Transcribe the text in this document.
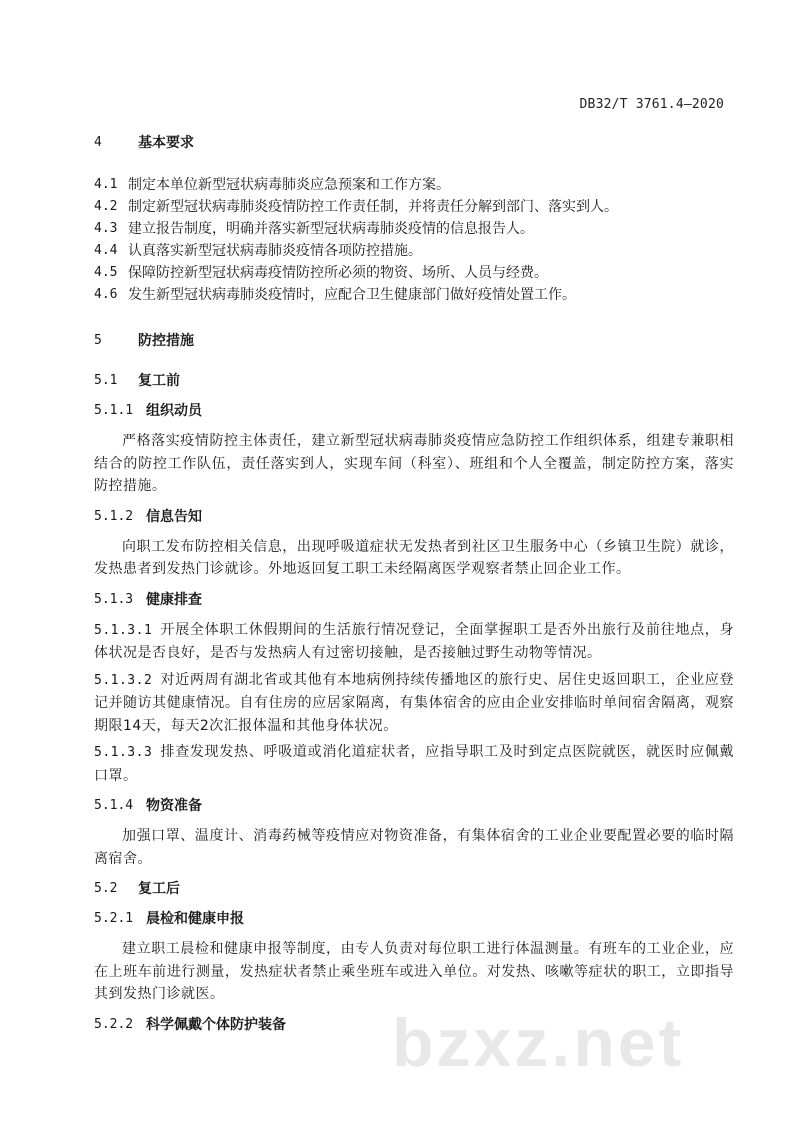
DB32/T 3761.4—2020
4	基本要求
4.1 制定本单位新型冠状病毒肺炎应急预案和工作方案。
4.2 制定新型冠状病毒肺炎疫情防控工作责任制，并将责任分解到部门、落实到人。
4.3 建立报告制度，明确并落实新型冠状病毒肺炎疫情的信息报告人。
4.4 认真落实新型冠状病毒肺炎疫情各项防控措施。
4.5 保障防控新型冠状病毒疫情防控所必须的物资、场所、人员与经费。
4.6 发生新型冠状病毒肺炎疫情时，应配合卫生健康部门做好疫情处置工作。
5	防控措施
5.1	复工前
5.1.1 组织动员

严格落实疫情防控主体责任，建立新型冠状病毒肺炎疫情应急防控工作组织体系，组建专兼职相结合的防控工作队伍，责任落实到人，实现车间（科室）、班组和个人全覆盖，制定防控方案，落实防控措施。

5.1.2 信息告知

向职工发布防控相关信息，出现呼吸道症状无发热者到社区卫生服务中心（乡镇卫生院）就诊，发热患者到发热门诊就诊。外地返回复工职工未经隔离医学观察者禁止回企业工作。

5.1.3 健康排查

5.1.3.1 开展全体职工休假期间的生活旅行情况登记，全面掌握职工是否外出旅行及前往地点，身体状况是否良好，是否与发热病人有过密切接触，是否接触过野生动物等情况。

5.1.3.2 对近两周有湖北省或其他有本地病例持续传播地区的旅行史、居住史返回职工，企业应登记并随访其健康情况。自有住房的应居家隔离，有集体宿舍的应由企业安排临时单间宿舍隔离，观察期限14天，每天2次汇报体温和其他身体状况。

5.1.3.3 排查发现发热、呼吸道或消化道症状者，应指导职工及时到定点医院就医，就医时应佩戴口罩。

5.1.4 物资准备

加强口罩、温度计、消毒药械等疫情应对物资准备，有集体宿舍的工业企业要配置必要的临时隔离宿舍。

5.2	复工后
5.2.1 晨检和健康申报

建立职工晨检和健康申报等制度，由专人负责对每位职工进行体温测量。有班车的工业企业，应在上班车前进行测量，发热症状者禁止乘坐班车或进入单位。对发热、咳嗽等症状的职工，立即指导其到发热门诊就医。

5.2.2 科学佩戴个体防护装备 bzxz.net
